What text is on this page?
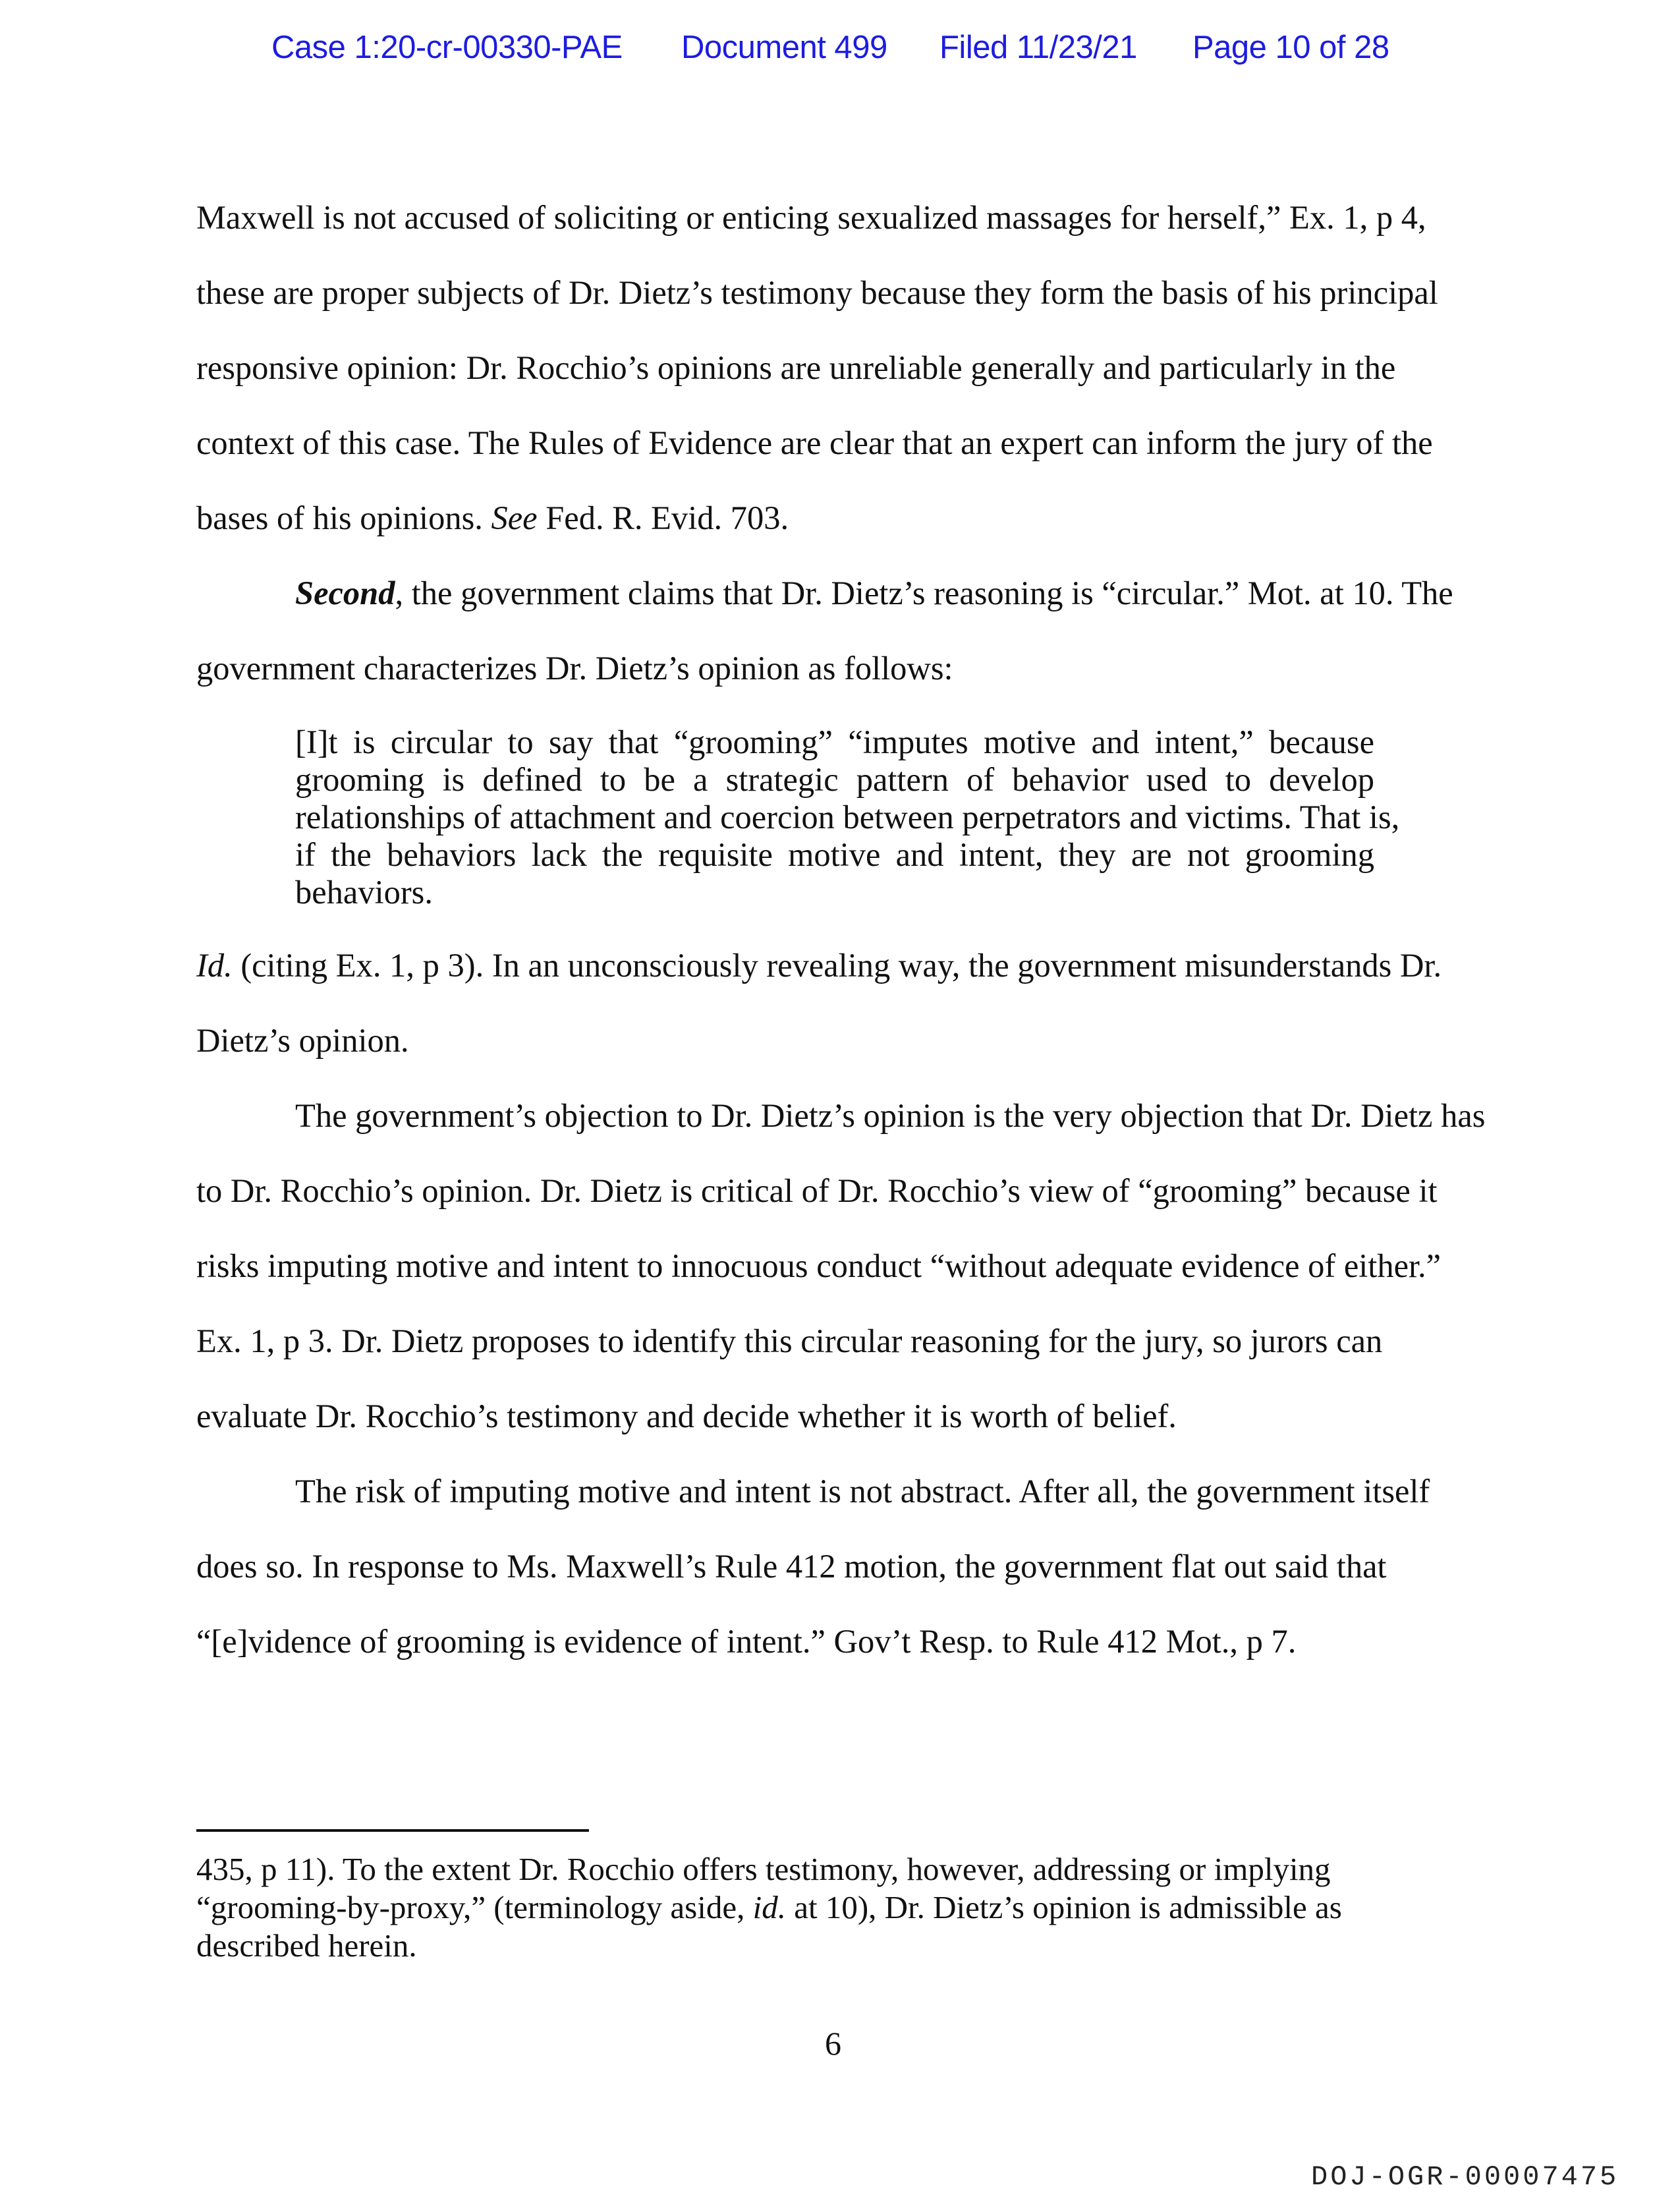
Case 1:20-cr-00330-PAE Document 499 Filed 11/23/21 Page 10 of 28
Maxwell is not accused of soliciting or enticing sexualized massages for herself,” Ex. 1, p 4,
these are proper subjects of Dr. Dietz’s testimony because they form the basis of his principal
responsive opinion: Dr. Rocchio’s opinions are unreliable generally and particularly in the
context of this case. The Rules of Evidence are clear that an expert can inform the jury of the
bases of his opinions. See Fed. R. Evid. 703.
Second, the government claims that Dr. Dietz’s reasoning is “circular.” Mot. at 10. The
government characterizes Dr. Dietz’s opinion as follows:
[I]t is circular to say that “grooming” “imputes motive and intent,” because
grooming is defined to be a strategic pattern of behavior used to develop
relationships of attachment and coercion between perpetrators and victims. That is,
if the behaviors lack the requisite motive and intent, they are not grooming
behaviors.
Id. (citing Ex. 1, p 3). In an unconsciously revealing way, the government misunderstands Dr.
Dietz’s opinion.
The government’s objection to Dr. Dietz’s opinion is the very objection that Dr. Dietz has
to Dr. Rocchio’s opinion. Dr. Dietz is critical of Dr. Rocchio’s view of “grooming” because it
risks imputing motive and intent to innocuous conduct “without adequate evidence of either.”
Ex. 1, p 3. Dr. Dietz proposes to identify this circular reasoning for the jury, so jurors can
evaluate Dr. Rocchio’s testimony and decide whether it is worth of belief.
The risk of imputing motive and intent is not abstract. After all, the government itself
does so. In response to Ms. Maxwell’s Rule 412 motion, the government flat out said that
“[e]vidence of grooming is evidence of intent.” Gov’t Resp. to Rule 412 Mot., p 7.
435, p 11). To the extent Dr. Rocchio offers testimony, however, addressing or implying
“grooming-by-proxy,” (terminology aside, id. at 10), Dr. Dietz’s opinion is admissible as
described herein.
6
DOJ-OGR-00007475
